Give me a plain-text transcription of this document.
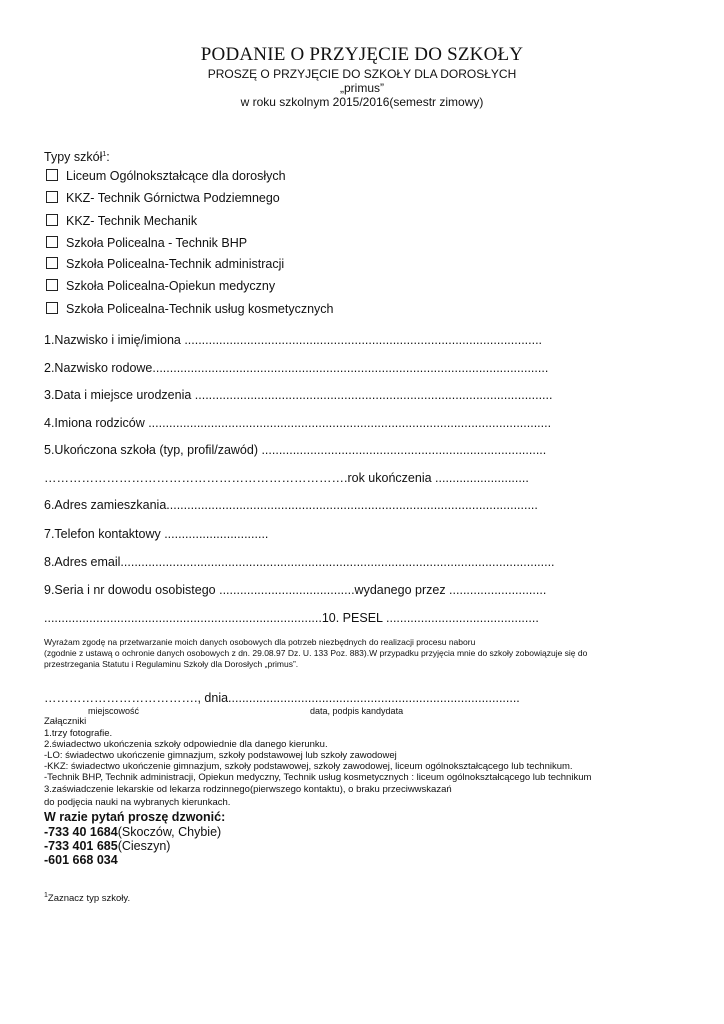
PODANIE O PRZYJĘCIE DO SZKOŁY
PROSZĘ O PRZYJĘCIE DO SZKOŁY DLA DOROSŁYCH
„primus”
w roku szkolnym 2015/2016(semestr zimowy)
Typy szkół$^1$:
Liceum Ogólnokształcące dla dorosłych
KKZ- Technik Górnictwa Podziemnego
KKZ- Technik Mechanik
Szkoła Policealna - Technik BHP
Szkoła Policealna-Technik administracji
Szkoła Policealna-Opiekun medyczny
Szkoła Policealna-Technik usług kosmetycznych
1.Nazwisko i imię/imiona .......................................................................................................
2.Nazwisko rodowe..................................................................................................................
3.Data i miejsce urodzenia .......................................................................................................
4.Imiona rodziców ....................................................................................................................
5.Ukończona szkoła (typ, profil/zawód) ..................................................................................
……………………………………………………………….rok ukończenia ...........................
6.Adres zamieszkania...........................................................................................................
7.Telefon kontaktowy ..............................
8.Adres email.............................................................................................................................
9.Seria i nr dowodu osobistego .......................................wydanego przez ............................
................................................................................10. PESEL ............................................
Wyrażam zgodę na przetwarzanie moich danych osobowych dla potrzeb niezbędnych do realizacji procesu naboru
(zgodnie z ustawą o ochronie danych osobowych z dn. 29.08.97 Dz. U. 133 Poz. 883).W przypadku przyjęcia mnie do szkoły zobowiązuje się do
przestrzegania Statutu i Regulaminu Szkoły dla Dorosłych „primus”.
………………………………., dnia....................................................................................
miejscowość	data, podpis kandydata
Załączniki
1.trzy fotografie.
2.świadectwo ukończenia szkoły odpowiednie dla danego kierunku.
-LO: świadectwo ukończenie gimnazjum, szkoły podstawowej lub szkoły zawodowej
-KKZ: świadectwo ukończenie gimnazjum, szkoły podstawowej, szkoły zawodowej, liceum ogólnokształcącego lub technikum.
-Technik BHP, Technik administracji, Opiekun medyczny, Technik usług kosmetycznych : liceum ogólnokształcącego lub technikum
3.zaświadczenie lekarskie od lekarza rodzinnego(pierwszego kontaktu), o braku przeciwwskazań
do podjęcia nauki na wybranych kierunkach.
W razie pytań proszę dzwonić:
-733 40 1684(Skoczów, Chybie)
-733 401 685(Cieszyn)
-601 668 034
$^1$Zaznacz typ szkoły.
